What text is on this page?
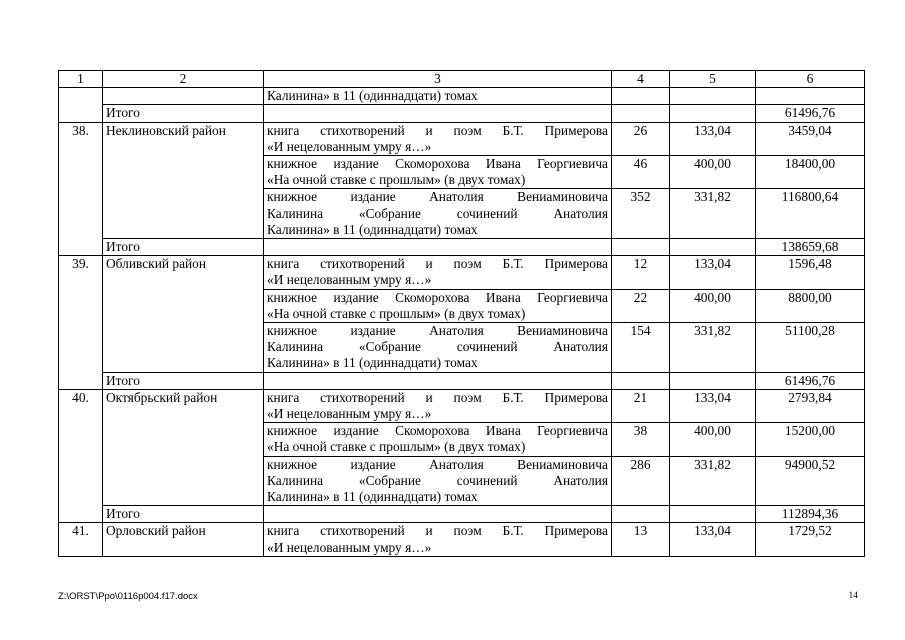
1	2	3	4	5	6
		Калинина» в 11 (одиннадцати) томах			
	Итого				61496,76
38.	Неклиновский район	книга стихотворений и поэм Б.Т. Примерова
«И нецелованным умру я…»	26	133,04	3459,04

		книжное издание Скоморохова Ивана Георгиевича
«На очной ставке с прошлым» (в двух томах)	46	400,00	18400,00

		книжное издание Анатолия Вениаминовича
Калинина «Собрание сочинений Анатолия
Калинина» в 11 (одиннадцати) томах	352	331,82	116800,64
	Итого				138659,68
39.	Обливский район	книга стихотворений и поэм Б.Т. Примерова
«И нецелованным умру я…»	12	133,04	1596,48

		книжное издание Скоморохова Ивана Георгиевича
«На очной ставке с прошлым» (в двух томах)	22	400,00	8800,00

		книжное издание Анатолия Вениаминовича
Калинина «Собрание сочинений Анатолия
Калинина» в 11 (одиннадцати) томах	154	331,82	51100,28
	Итого				61496,76
40.	Октябрьский район	книга стихотворений и поэм Б.Т. Примерова
«И нецелованным умру я…»	21	133,04	2793,84

		книжное издание Скоморохова Ивана Георгиевича
«На очной ставке с прошлым» (в двух томах)	38	400,00	15200,00

		книжное издание Анатолия Вениаминовича
Калинина «Собрание сочинений Анатолия
Калинина» в 11 (одиннадцати) томах	286	331,82	94900,52
	Итого				112894,36
41.	Орловский район	книга стихотворений и поэм Б.Т. Примерова
«И нецелованным умру я…»	13	133,04	1729,52
Z:\ORST\Ppo\0116p004.f17.docx	14
